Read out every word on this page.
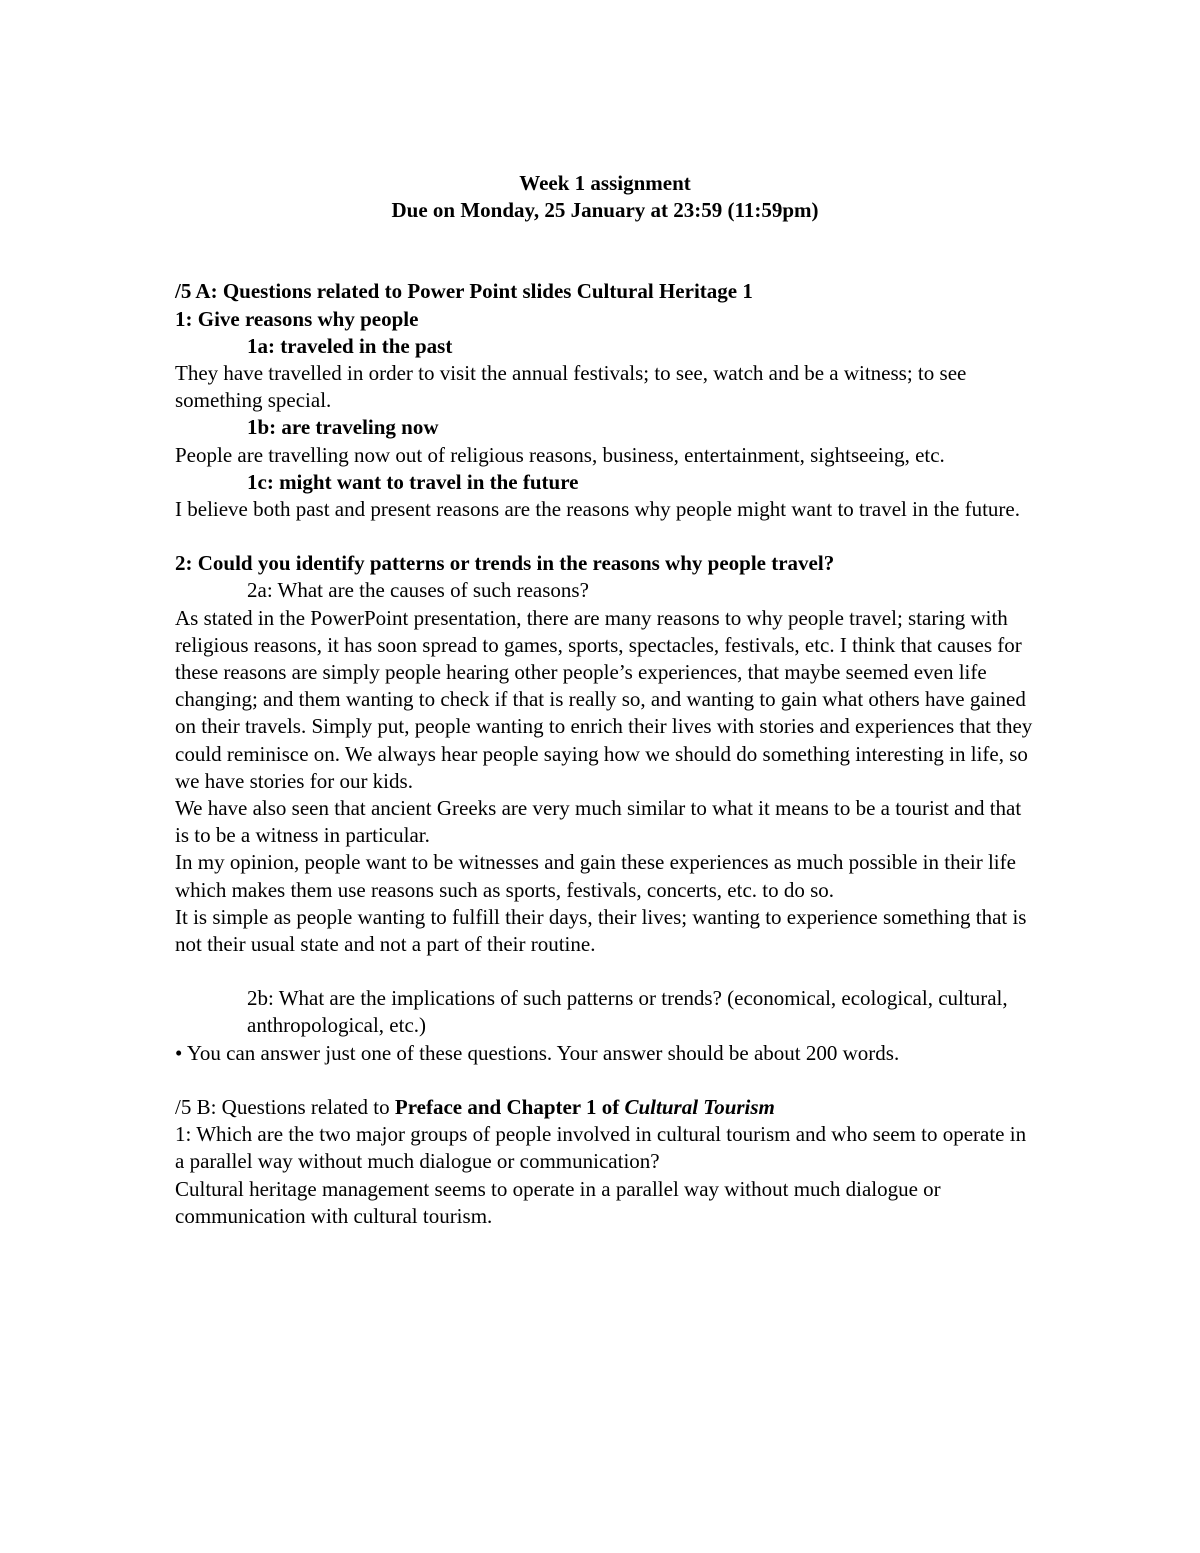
Week 1 assignment
Due on Monday, 25 January at 23:59 (11:59pm)
/5 A: Questions related to Power Point slides Cultural Heritage 1
1: Give reasons why people
1a: traveled in the past

They have travelled in order to visit the annual festivals; to see, watch and be a witness; to see something special.

1b: are traveling now

People are travelling now out of religious reasons, business, entertainment, sightseeing, etc.

1c: might want to travel in the future

I believe both past and present reasons are the reasons why people might want to travel in the future.

2: Could you identify patterns or trends in the reasons why people travel?
2a: What are the causes of such reasons?

As stated in the PowerPoint presentation, there are many reasons to why people travel; staring with religious reasons, it has soon spread to games, sports, spectacles, festivals, etc. I think that causes for these reasons are simply people hearing other people’s experiences, that maybe seemed even life changing; and them wanting to check if that is really so, and wanting to gain what others have gained on their travels. Simply put, people wanting to enrich their lives with stories and experiences that they could reminisce on. We always hear people saying how we should do something interesting in life, so we have stories for our kids.

We have also seen that ancient Greeks are very much similar to what it means to be a tourist and that is to be a witness in particular.

In my opinion, people want to be witnesses and gain these experiences as much possible in their life which makes them use reasons such as sports, festivals, concerts, etc. to do so.

It is simple as people wanting to fulfill their days, their lives; wanting to experience something that is not their usual state and not a part of their routine.

2b: What are the implications of such patterns or trends? (economical, ecological, cultural, anthropological, etc.)
• You can answer just one of these questions. Your answer should be about 200 words.
/5 B: Questions related to Preface and Chapter 1 of Cultural Tourism

1: Which are the two major groups of people involved in cultural tourism and who seem to operate in a parallel way without much dialogue or communication?

Cultural heritage management seems to operate in a parallel way without much dialogue or communication with cultural tourism.
